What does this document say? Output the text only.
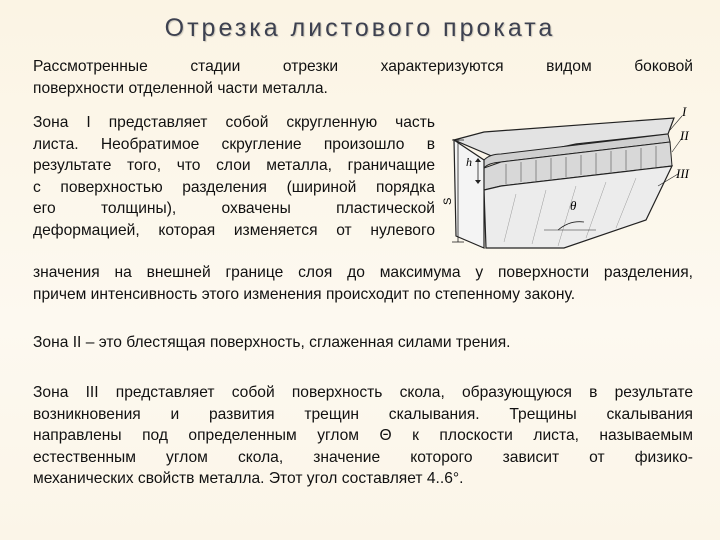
Отрезка листового проката
Рассмотренные стадии отрезки характеризуются видом боковой
поверхности отделенной части металла.
Зона I представляет собой скругленную часть
листа. Необратимое скругление произошло в
результате того, что слои металла, граничащие
с поверхностью разделения (шириной порядка
его толщины), охвачены пластической
деформацией, которая изменяется от нулевого
I
II
III
h
S	θ
значения на внешней границе слоя до максимума у поверхности разделения,
причем интенсивность этого изменения происходит по степенному закону.
Зона II – это блестящая поверхность, сглаженная силами трения.
Зона III представляет собой поверхность скола, образующуюся в результате
возникновения и развития трещин скалывания. Трещины скалывания
направлены под определенным углом Θ к плоскости листа, называемым
естественным углом скола, значение которого зависит от физико-
механических свойств металла. Этот угол составляет 4..6°.
